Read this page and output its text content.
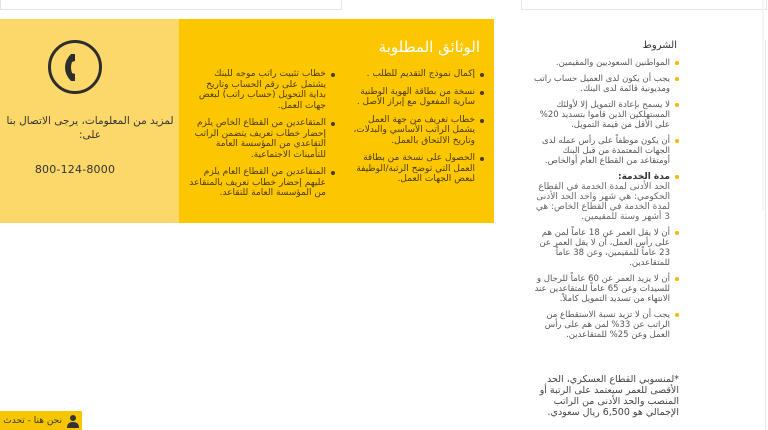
لمزيد من المعلومات، يرجى الاتصال بنا على:
800-124-8000
الوثائق المطلوبة
إكمال نموذج التقديم للطلب .
نسخة من بطاقة الهوية الوطنية سارية المفعول مع إبراز الأصل .
خطاب تعريف من جهة العمل يشمل الراتب الأساسي والبدلات، وتاريخ الالتحاق بالعمل.
الحصول على نسخة من بطاقة العمل التي توضح الرتبة/الوظيفة لبعض الجهات العمل.
خطاب تثبيت راتب موجه للبنك يشتمل على رقم الحساب وتاريخ بداية التحويل (حساب راتب) لبعض جهات العمل.
المتقاعدين من القطاع الخاص يلزم إحضار خطاب تعريف يتضمن الراتب التقاعدي من المؤسسة العامة للتأمينات الاجتماعية.
المتقاعدين من القطاع العام يلزم عليهم إحضار خطاب تعريف بالمتقاعد من المؤسسة العامة للتقاعد.
الشروط
المواطنين السعوديين والمقيمين.
يجب أن يكون لدى العميل حساب راتب ومديونية قائمة لدى البنك.
لا يسمح بإعادة التمويل إلا لأولئك المستهلكين الذين قاموا بتسديد 20% على الأقل من قيمة التمويل.
أن يكون موظفاً على رأس عمله لدى الجهات المعتمدة من قبل البنك أومتقاعد من القطاع العام أوالخاص.
مدة الخدمة:
الحد الأدنى لمدة الخدمة في القطاع الحكومي: هي شهر واحد الحد الأدنى لمدة الخدمة في القطاع الخاص: هي 3 أشهر وسنة للمقيمين.
أن لا يقل العمر عن 18 عاماً لمن هم على رأس العمل، أن لا يقل العمر عن 23 عاماً للمقيمين، وعن 38 عاماً للمتقاعدين.
أن لا يزيد العمر عن 60 عاماً للرجال و للسيدات وعن 65 عاماً للمتقاعدين عند الانتهاء من تسديد التمويل كاملاً.
يجب أن لا تزيد نسبة الاستقطاع من الراتب عن 33% لمن هم على رأس العمل وعن 25% للمتقاعدين.
*لمنسوبي القطاع العسكري، الحد الأقصى للعمر سيعتمد على الرتبة أو المنصب والحد الأدنى من الراتب الإجمالي هو 6,500 ريال سعودي.
نحن هنا - تحدث
